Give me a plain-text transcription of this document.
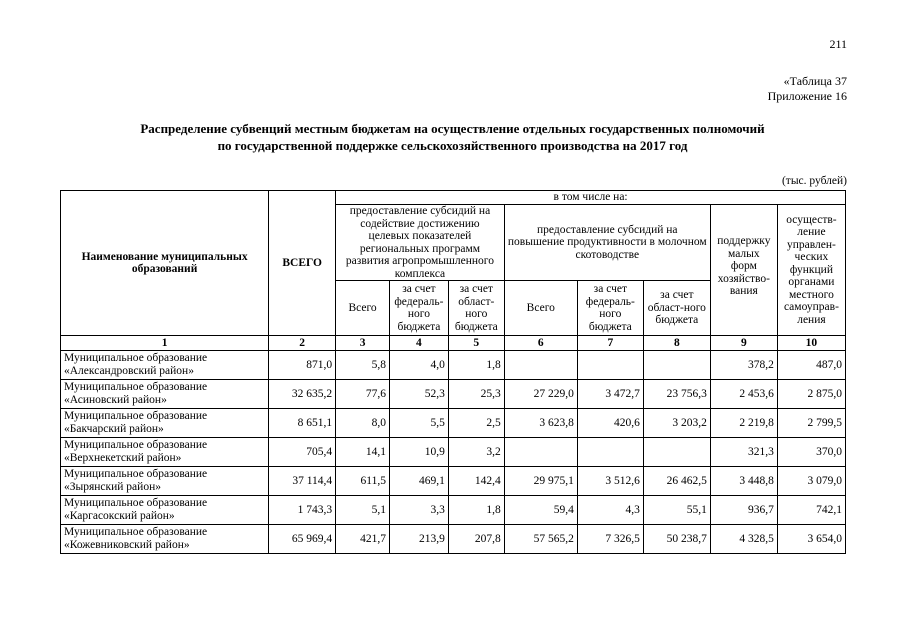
211
«Таблица 37
Приложение 16
Распределение субвенций местным бюджетам на осуществление отдельных государственных полномочий
по государственной поддержке сельскохозяйственного производства на 2017 год
(тыс. рублей)
Наименование муниципальных образований	ВСЕГО	в том числе на:							
		предоставление субсидий на содействие достижению целевых показателей региональных программ развития агропромышленного комплекса			предоставление субсидий на повышение продуктивности в молочном скотоводстве			поддержку малых форм хозяйство-вания	осуществ-ление управлен-ческих функций органами местного самоуправ-ления
		Всего	за счет федераль-ного бюджета	за счет област-ного бюджета	Всего	за счет федераль-ного бюджета	за счет област-ного бюджета		
1	2	3	4	5	6	7	8	9	10
Муниципальное образование «Александровский район»	871,0	5,8	4,0	1,8				378,2	487,0
Муниципальное образование «Асиновский район»	32 635,2	77,6	52,3	25,3	27 229,0	3 472,7	23 756,3	2 453,6	2 875,0
Муниципальное образование «Бакчарский район»	8 651,1	8,0	5,5	2,5	3 623,8	420,6	3 203,2	2 219,8	2 799,5
Муниципальное образование «Верхнекетский район»	705,4	14,1	10,9	3,2				321,3	370,0
Муниципальное образование «Зырянский район»	37 114,4	611,5	469,1	142,4	29 975,1	3 512,6	26 462,5	3 448,8	3 079,0
Муниципальное образование «Каргасокский район»	1 743,3	5,1	3,3	1,8	59,4	4,3	55,1	936,7	742,1
Муниципальное образование «Кожевниковский район»	65 969,4	421,7	213,9	207,8	57 565,2	7 326,5	50 238,7	4 328,5	3 654,0
